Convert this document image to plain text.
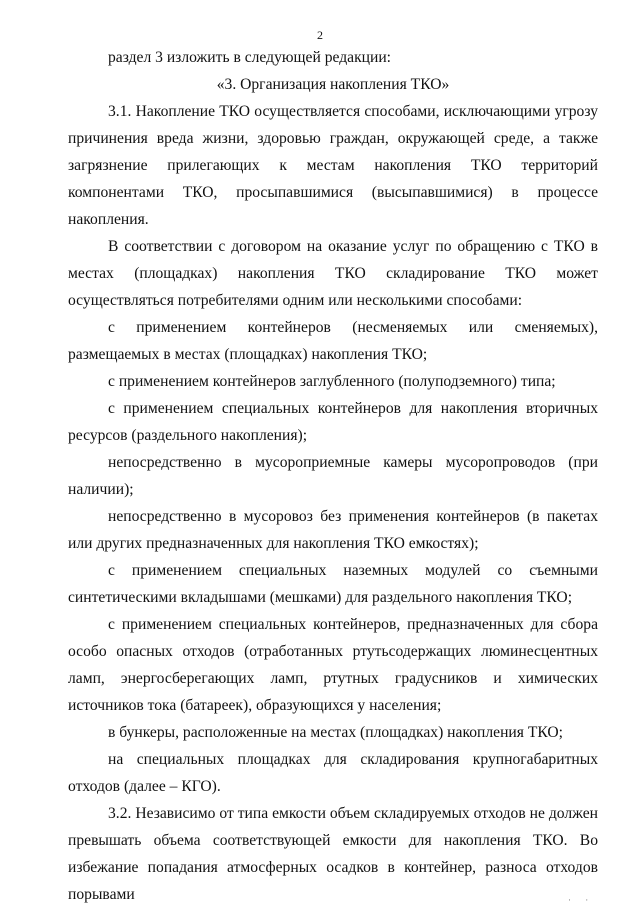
2

раздел 3 изложить в следующей редакции:

«3. Организация накопления ТКО»

3.1. Накопление ТКО осуществляется способами, исключающими угрозу причинения вреда жизни, здоровью граждан, окружающей среде, а также загрязнение прилегающих к местам накопления ТКО территорий компонентами ТКО, просыпавшимися (высыпавшимися) в процессе накопления.

В соответствии с договором на оказание услуг по обращению с ТКО в местах (площадках) накопления ТКО складирование ТКО может осуществляться потребителями одним или несколькими способами:

с применением контейнеров (несменяемых или сменяемых), размещаемых в местах (площадках) накопления ТКО;

с применением контейнеров заглубленного (полуподземного) типа;

с применением специальных контейнеров для накопления вторичных ресурсов (раздельного накопления);

непосредственно в мусороприемные камеры мусоропроводов (при наличии);

непосредственно в мусоровоз без применения контейнеров (в пакетах или других предназначенных для накопления ТКО емкостях);

с применением специальных наземных модулей со съемными синтетическими вкладышами (мешками) для раздельного накопления ТКО;

с применением специальных контейнеров, предназначенных для сбора особо опасных отходов (отработанных ртутьсодержащих люминесцентных ламп, энергосберегающих ламп, ртутных градусников и химических источников тока (батареек), образующихся у населения;

в бункеры, расположенные на местах (площадках) накопления ТКО;

на специальных площадках для складирования крупногабаритных отходов (далее – КГО).

3.2. Независимо от типа емкости объем складируемых отходов не должен превышать объема соответствующей емкости для накопления ТКО. Во избежание попадания атмосферных осадков в контейнер, разноса отходов порывами	· ·
